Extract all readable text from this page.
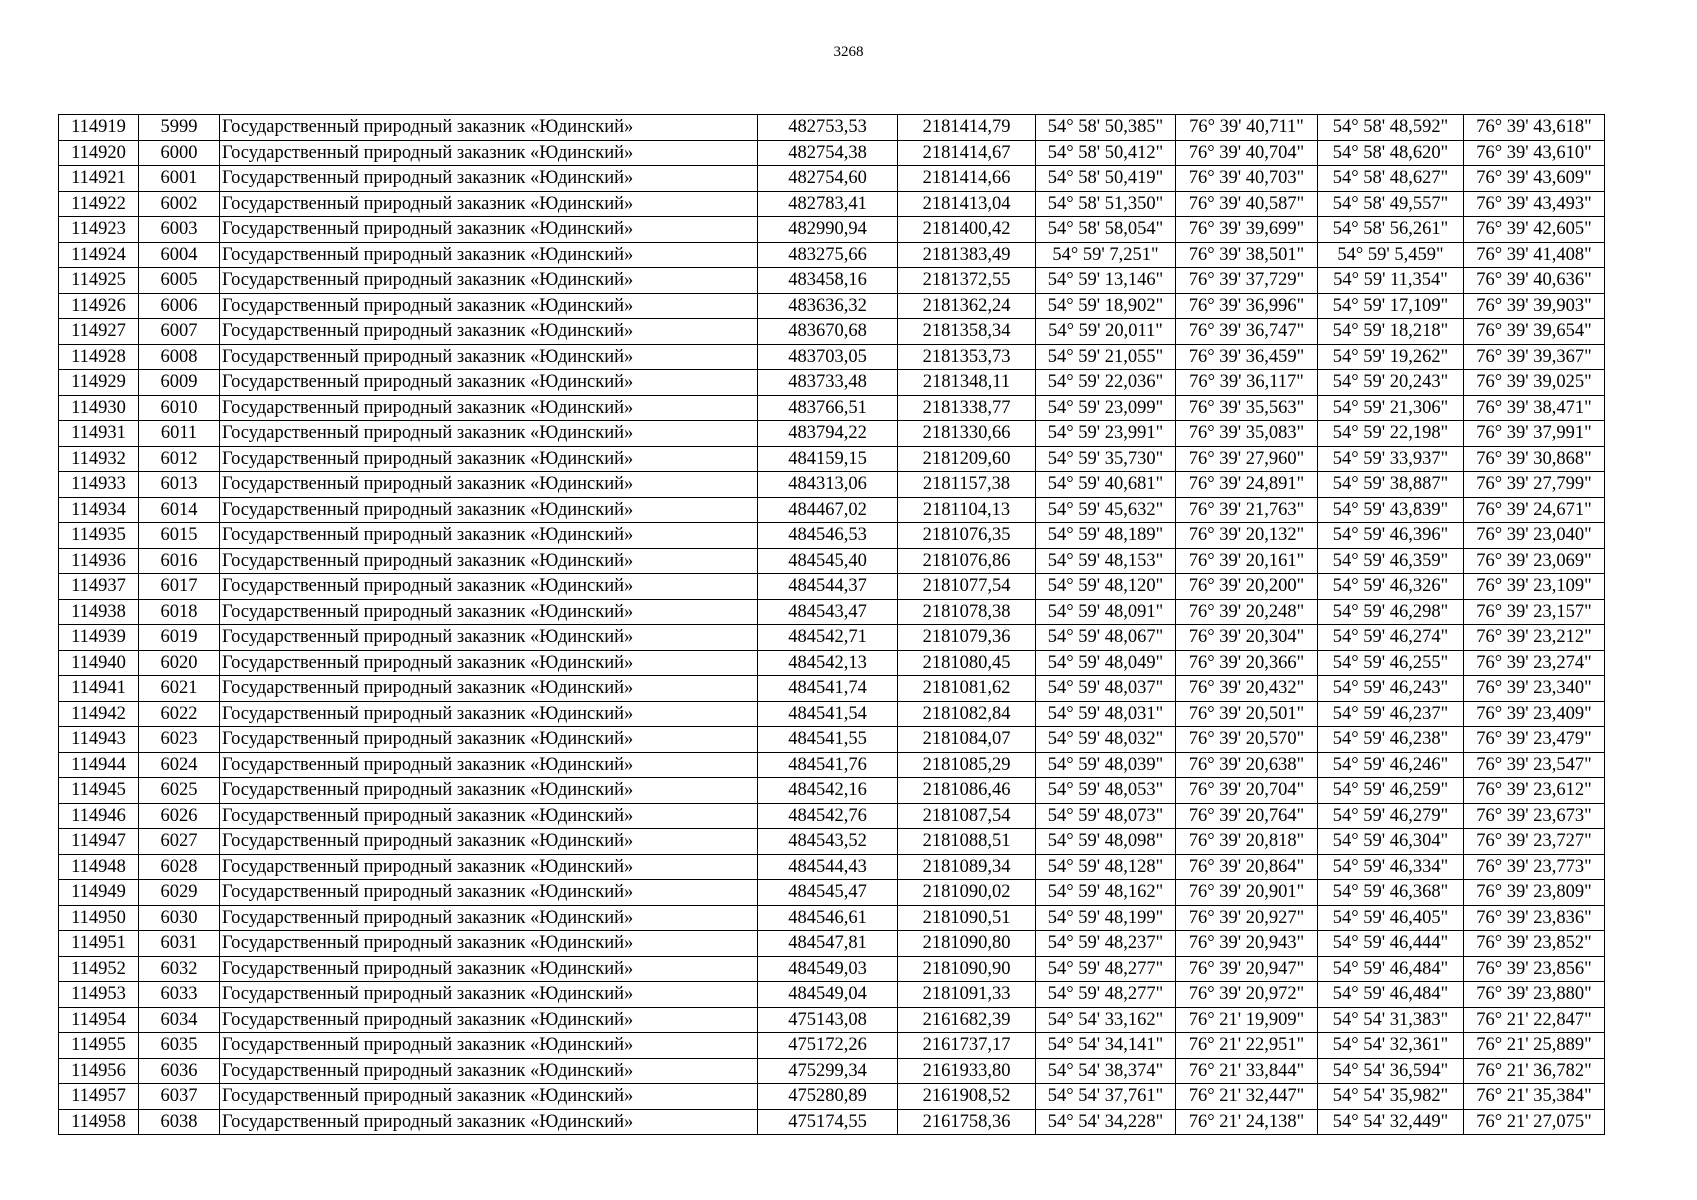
3268
114919	5999	Государственный природный заказник «Юдинский»	482753,53	2181414,79	54° 58' 50,385"	76° 39' 40,711"	54° 58' 48,592"	76° 39' 43,618"
114920	6000	Государственный природный заказник «Юдинский»	482754,38	2181414,67	54° 58' 50,412"	76° 39' 40,704"	54° 58' 48,620"	76° 39' 43,610"
114921	6001	Государственный природный заказник «Юдинский»	482754,60	2181414,66	54° 58' 50,419"	76° 39' 40,703"	54° 58' 48,627"	76° 39' 43,609"
114922	6002	Государственный природный заказник «Юдинский»	482783,41	2181413,04	54° 58' 51,350"	76° 39' 40,587"	54° 58' 49,557"	76° 39' 43,493"
114923	6003	Государственный природный заказник «Юдинский»	482990,94	2181400,42	54° 58' 58,054"	76° 39' 39,699"	54° 58' 56,261"	76° 39' 42,605"
114924	6004	Государственный природный заказник «Юдинский»	483275,66	2181383,49	54° 59' 7,251"	76° 39' 38,501"	54° 59' 5,459"	76° 39' 41,408"
114925	6005	Государственный природный заказник «Юдинский»	483458,16	2181372,55	54° 59' 13,146"	76° 39' 37,729"	54° 59' 11,354"	76° 39' 40,636"
114926	6006	Государственный природный заказник «Юдинский»	483636,32	2181362,24	54° 59' 18,902"	76° 39' 36,996"	54° 59' 17,109"	76° 39' 39,903"
114927	6007	Государственный природный заказник «Юдинский»	483670,68	2181358,34	54° 59' 20,011"	76° 39' 36,747"	54° 59' 18,218"	76° 39' 39,654"
114928	6008	Государственный природный заказник «Юдинский»	483703,05	2181353,73	54° 59' 21,055"	76° 39' 36,459"	54° 59' 19,262"	76° 39' 39,367"
114929	6009	Государственный природный заказник «Юдинский»	483733,48	2181348,11	54° 59' 22,036"	76° 39' 36,117"	54° 59' 20,243"	76° 39' 39,025"
114930	6010	Государственный природный заказник «Юдинский»	483766,51	2181338,77	54° 59' 23,099"	76° 39' 35,563"	54° 59' 21,306"	76° 39' 38,471"
114931	6011	Государственный природный заказник «Юдинский»	483794,22	2181330,66	54° 59' 23,991"	76° 39' 35,083"	54° 59' 22,198"	76° 39' 37,991"
114932	6012	Государственный природный заказник «Юдинский»	484159,15	2181209,60	54° 59' 35,730"	76° 39' 27,960"	54° 59' 33,937"	76° 39' 30,868"
114933	6013	Государственный природный заказник «Юдинский»	484313,06	2181157,38	54° 59' 40,681"	76° 39' 24,891"	54° 59' 38,887"	76° 39' 27,799"
114934	6014	Государственный природный заказник «Юдинский»	484467,02	2181104,13	54° 59' 45,632"	76° 39' 21,763"	54° 59' 43,839"	76° 39' 24,671"
114935	6015	Государственный природный заказник «Юдинский»	484546,53	2181076,35	54° 59' 48,189"	76° 39' 20,132"	54° 59' 46,396"	76° 39' 23,040"
114936	6016	Государственный природный заказник «Юдинский»	484545,40	2181076,86	54° 59' 48,153"	76° 39' 20,161"	54° 59' 46,359"	76° 39' 23,069"
114937	6017	Государственный природный заказник «Юдинский»	484544,37	2181077,54	54° 59' 48,120"	76° 39' 20,200"	54° 59' 46,326"	76° 39' 23,109"
114938	6018	Государственный природный заказник «Юдинский»	484543,47	2181078,38	54° 59' 48,091"	76° 39' 20,248"	54° 59' 46,298"	76° 39' 23,157"
114939	6019	Государственный природный заказник «Юдинский»	484542,71	2181079,36	54° 59' 48,067"	76° 39' 20,304"	54° 59' 46,274"	76° 39' 23,212"
114940	6020	Государственный природный заказник «Юдинский»	484542,13	2181080,45	54° 59' 48,049"	76° 39' 20,366"	54° 59' 46,255"	76° 39' 23,274"
114941	6021	Государственный природный заказник «Юдинский»	484541,74	2181081,62	54° 59' 48,037"	76° 39' 20,432"	54° 59' 46,243"	76° 39' 23,340"
114942	6022	Государственный природный заказник «Юдинский»	484541,54	2181082,84	54° 59' 48,031"	76° 39' 20,501"	54° 59' 46,237"	76° 39' 23,409"
114943	6023	Государственный природный заказник «Юдинский»	484541,55	2181084,07	54° 59' 48,032"	76° 39' 20,570"	54° 59' 46,238"	76° 39' 23,479"
114944	6024	Государственный природный заказник «Юдинский»	484541,76	2181085,29	54° 59' 48,039"	76° 39' 20,638"	54° 59' 46,246"	76° 39' 23,547"
114945	6025	Государственный природный заказник «Юдинский»	484542,16	2181086,46	54° 59' 48,053"	76° 39' 20,704"	54° 59' 46,259"	76° 39' 23,612"
114946	6026	Государственный природный заказник «Юдинский»	484542,76	2181087,54	54° 59' 48,073"	76° 39' 20,764"	54° 59' 46,279"	76° 39' 23,673"
114947	6027	Государственный природный заказник «Юдинский»	484543,52	2181088,51	54° 59' 48,098"	76° 39' 20,818"	54° 59' 46,304"	76° 39' 23,727"
114948	6028	Государственный природный заказник «Юдинский»	484544,43	2181089,34	54° 59' 48,128"	76° 39' 20,864"	54° 59' 46,334"	76° 39' 23,773"
114949	6029	Государственный природный заказник «Юдинский»	484545,47	2181090,02	54° 59' 48,162"	76° 39' 20,901"	54° 59' 46,368"	76° 39' 23,809"
114950	6030	Государственный природный заказник «Юдинский»	484546,61	2181090,51	54° 59' 48,199"	76° 39' 20,927"	54° 59' 46,405"	76° 39' 23,836"
114951	6031	Государственный природный заказник «Юдинский»	484547,81	2181090,80	54° 59' 48,237"	76° 39' 20,943"	54° 59' 46,444"	76° 39' 23,852"
114952	6032	Государственный природный заказник «Юдинский»	484549,03	2181090,90	54° 59' 48,277"	76° 39' 20,947"	54° 59' 46,484"	76° 39' 23,856"
114953	6033	Государственный природный заказник «Юдинский»	484549,04	2181091,33	54° 59' 48,277"	76° 39' 20,972"	54° 59' 46,484"	76° 39' 23,880"
114954	6034	Государственный природный заказник «Юдинский»	475143,08	2161682,39	54° 54' 33,162"	76° 21' 19,909"	54° 54' 31,383"	76° 21' 22,847"
114955	6035	Государственный природный заказник «Юдинский»	475172,26	2161737,17	54° 54' 34,141"	76° 21' 22,951"	54° 54' 32,361"	76° 21' 25,889"
114956	6036	Государственный природный заказник «Юдинский»	475299,34	2161933,80	54° 54' 38,374"	76° 21' 33,844"	54° 54' 36,594"	76° 21' 36,782"
114957	6037	Государственный природный заказник «Юдинский»	475280,89	2161908,52	54° 54' 37,761"	76° 21' 32,447"	54° 54' 35,982"	76° 21' 35,384"
114958	6038	Государственный природный заказник «Юдинский»	475174,55	2161758,36	54° 54' 34,228"	76° 21' 24,138"	54° 54' 32,449"	76° 21' 27,075"
